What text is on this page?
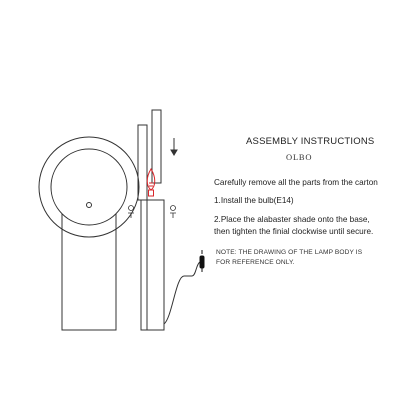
ASSEMBLY INSTRUCTIONS
OLBO
Carefully remove all the parts from the carton
1.Install the bulb(E14)
2.Place the alabaster shade onto the base,
then tighten the finial clockwise until secure.
NOTE: THE DRAWING OF THE LAMP BODY IS
FOR REFERENCE ONLY.
